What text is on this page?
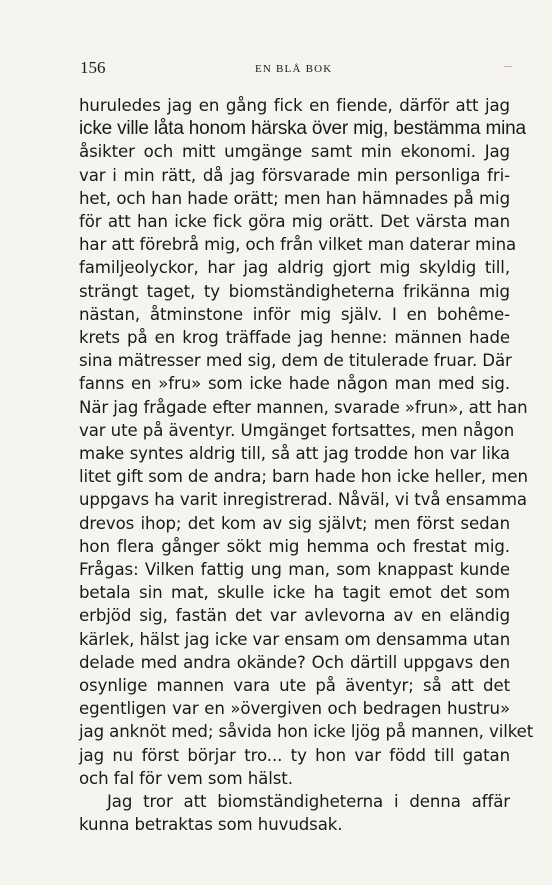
156	EN BLÅ BOK
huruledes jag en gång fick en fiende, därför att jag
icke ville låta honom härska över mig, bestämma mina
åsikter och mitt umgänge samt min ekonomi. Jag
var i min rätt, då jag försvarade min personliga fri-
het, och han hade orätt; men han hämnades på mig
för att han icke fick göra mig orätt. Det värsta man
har att förebrå mig, och från vilket man daterar mina
familjeolyckor, har jag aldrig gjort mig skyldig till,
strängt taget, ty biomständigheterna frikänna mig
nästan, åtminstone inför mig själv. I en bohême-
krets på en krog träffade jag henne: männen hade
sina mätresser med sig, dem de titulerade fruar. Där
fanns en »fru» som icke hade någon man med sig.
När jag frågade efter mannen, svarade »frun», att han
var ute på äventyr. Umgänget fortsattes, men någon
make syntes aldrig till, så att jag trodde hon var lika
litet gift som de andra; barn hade hon icke heller, men
uppgavs ha varit inregistrerad. Nåväl, vi två ensamma
drevos ihop; det kom av sig självt; men först sedan
hon flera gånger sökt mig hemma och frestat mig.
Frågas: Vilken fattig ung man, som knappast kunde
betala sin mat, skulle icke ha tagit emot det som
erbjöd sig, fastän det var avlevorna av en eländig
kärlek, hälst jag icke var ensam om densamma utan
delade med andra okände? Och därtill uppgavs den
osynlige mannen vara ute på äventyr; så att det
egentligen var en »övergiven och bedragen hustru»
jag anknöt med; såvida hon icke ljög på mannen, vilket
jag nu först börjar tro... ty hon var född till gatan
och fal för vem som hälst.
Jag tror att biomständigheterna i denna affär
kunna betraktas som huvudsak.
